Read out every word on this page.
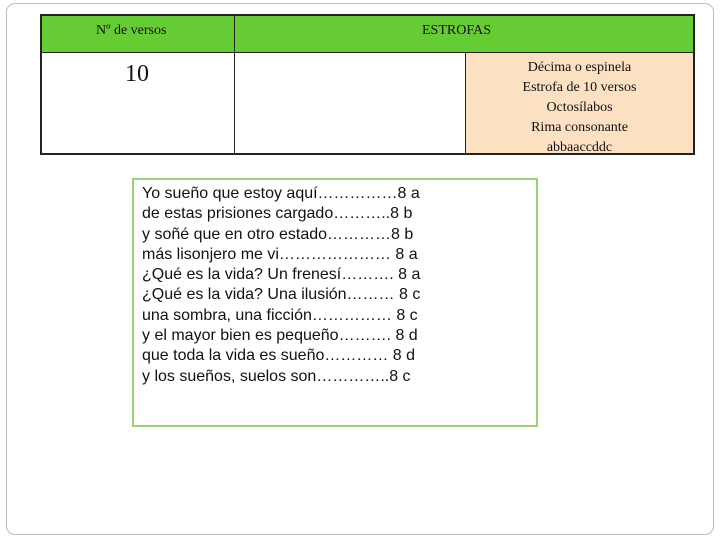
Nº de versos	ESTROFAS
10	Décima o espinela
Estrofa de 10 versos
Octosílabos
Rima consonante
abbaaccddc
Yo sueño que estoy aquí……………8 a
de estas prisiones cargado………..8 b
y soñé que en otro estado…………8 b
más lisonjero me vi………………… 8 a
¿Qué es la vida? Un frenesí………. 8 a
¿Qué es la vida? Una ilusión……… 8 c
una sombra, una ficción…………… 8 c
y el mayor bien es pequeño………. 8 d
que toda la vida es sueño………… 8 d
y los sueños, suelos son…………..8 c
